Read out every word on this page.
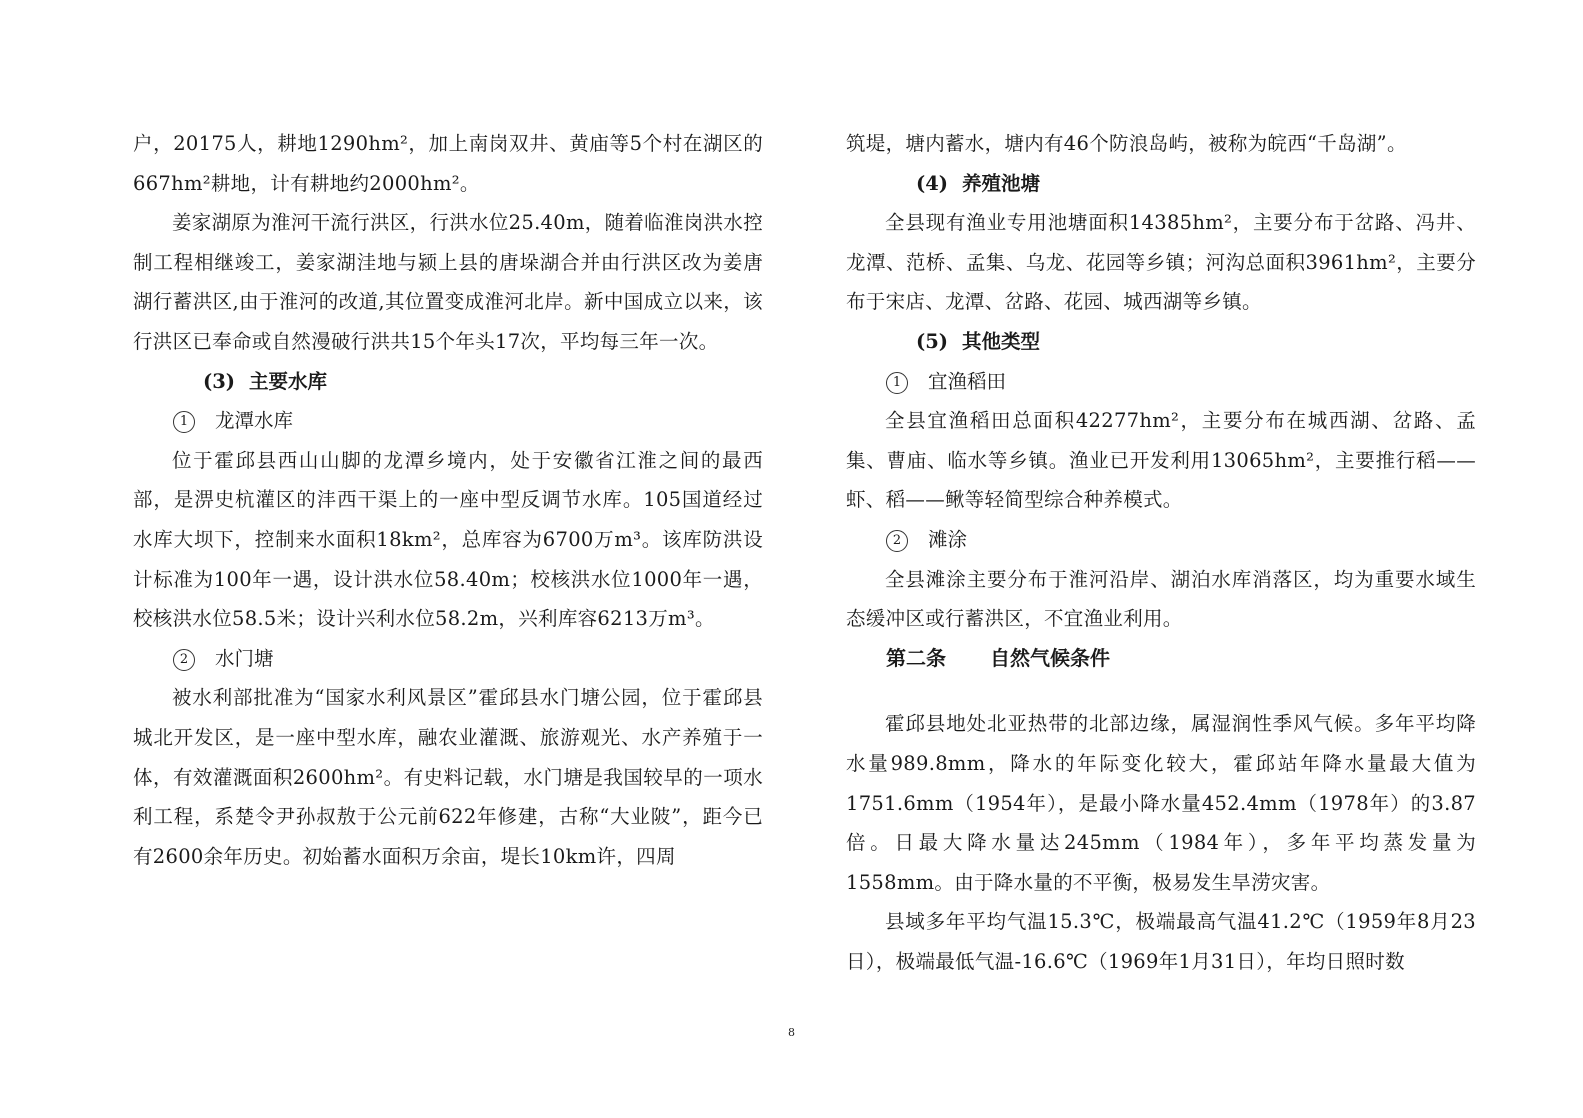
户，20175人，耕地1290hm²，加上南岗双井、黄庙等5个村在湖区的667hm²耕地，计有耕地约2000hm²。

姜家湖原为淮河干流行洪区，行洪水位25.40m，随着临淮岗洪水控制工程相继竣工，姜家湖洼地与颍上县的唐垛湖合并由行洪区改为姜唐湖行蓄洪区,由于淮河的改道,其位置变成淮河北岸。新中国成立以来，该行洪区已奉命或自然漫破行洪共15个年头17次，平均每三年一次。

(3) 主要水库

1 龙潭水库

位于霍邱县西山山脚的龙潭乡境内，处于安徽省江淮之间的最西部，是淠史杭灌区的沣西干渠上的一座中型反调节水库。105国道经过水库大坝下，控制来水面积18km²，总库容为6700万m³。该库防洪设计标准为100年一遇，设计洪水位58.40m；校核洪水位1000年一遇，校核洪水位58.5米；设计兴利水位58.2m，兴利库容6213万m³。

2 水门塘

被水利部批准为“国家水利风景区”霍邱县水门塘公园，位于霍邱县城北开发区，是一座中型水库，融农业灌溉、旅游观光、水产养殖于一体，有效灌溉面积2600hm²。有史料记载，水门塘是我国较早的一项水利工程，系楚令尹孙叔敖于公元前622年修建，古称“大业陂”，距今已有2600余年历史。初始蓄水面积万余亩，堤长10km许，四周

筑堤，塘内蓄水，塘内有46个防浪岛屿，被称为皖西“千岛湖”。

(4) 养殖池塘

全县现有渔业专用池塘面积14385hm²，主要分布于岔路、冯井、龙潭、范桥、孟集、乌龙、花园等乡镇；河沟总面积3961hm²，主要分布于宋店、龙潭、岔路、花园、城西湖等乡镇。

(5) 其他类型

1 宜渔稻田

全县宜渔稻田总面积42277hm²，主要分布在城西湖、岔路、孟集、曹庙、临水等乡镇。渔业已开发利用13065hm²，主要推行稻——虾、稻——鳅等轻简型综合种养模式。

2 滩涂

全县滩涂主要分布于淮河沿岸、湖泊水库消落区，均为重要水域生态缓冲区或行蓄洪区，不宜渔业利用。

第二条 自然气候条件

霍邱县地处北亚热带的北部边缘，属湿润性季风气候。多年平均降水量989.8mm，降水的年际变化较大，霍邱站年降水量最大值为1751.6mm（1954年），是最小降水量452.4mm（1978年）的3.87倍。日最大降水量达245mm（1984年），多年平均蒸发量为1558mm。由于降水量的不平衡，极易发生旱涝灾害。

县域多年平均气温15.3℃，极端最高气温41.2℃（1959年8月23日），极端最低气温-16.6℃（1969年1月31日），年均日照时数

8
